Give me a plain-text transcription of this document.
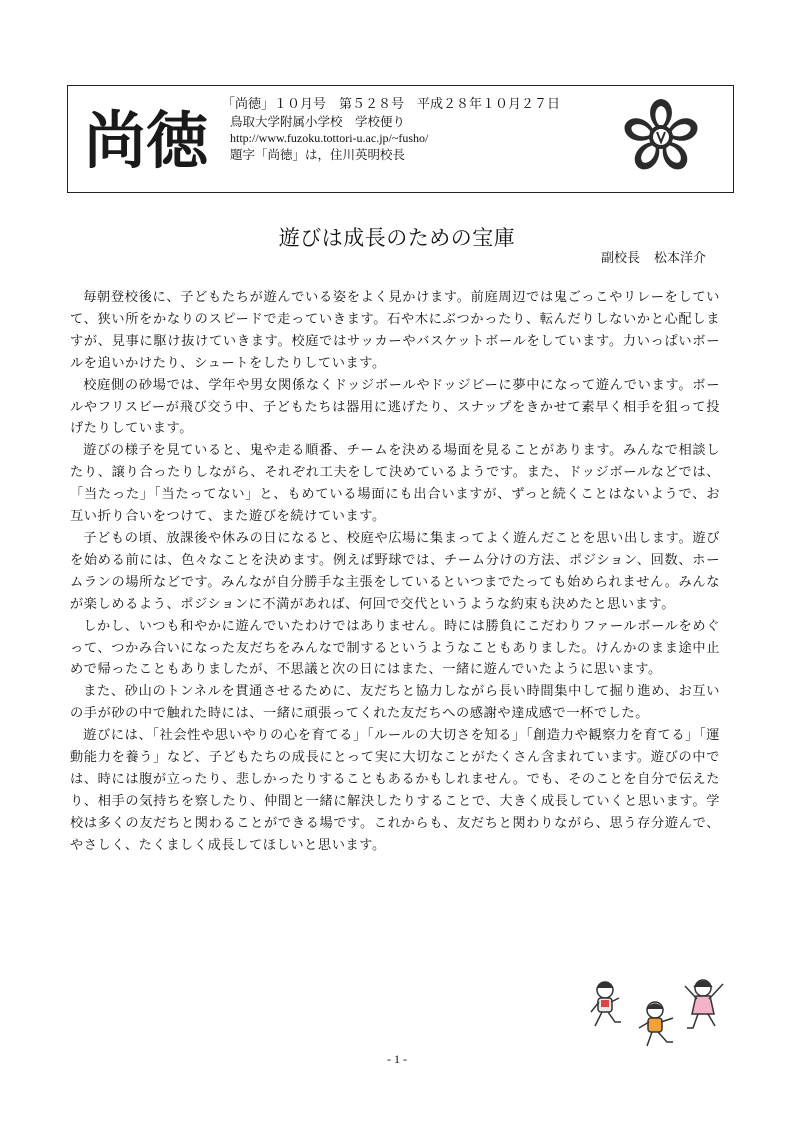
尚徳 「尚徳」１０月号　第５２８号　平成２８年１０月２７日
鳥取大学附属小学校　学校便り
http://www.fuzoku.tottori-u.ac.jp/~fusho/
題字「尚徳」は，住川英明校長
遊びは成長のための宝庫
副校長 松本洋介

毎朝登校後に、子どもたちが遊んでいる姿をよく見かけます。前庭周辺では鬼ごっこやリレーをしていて、狭い所をかなりのスピードで走っていきます。石や木にぶつかったり、転んだりしないかと心配しますが、見事に駆け抜けていきます。校庭ではサッカーやバスケットボールをしています。力いっぱいボールを追いかけたり、シュートをしたりしています。

校庭側の砂場では、学年や男女関係なくドッジボールやドッジビーに夢中になって遊んでいます。ボールやフリスビーが飛び交う中、子どもたちは器用に逃げたり、スナップをきかせて素早く相手を狙って投げたりしています。

遊びの様子を見ていると、鬼や走る順番、チームを決める場面を見ることがあります。みんなで相談したり、譲り合ったりしながら、それぞれ工夫をして決めているようです。また、ドッジボールなどでは、「当たった」「当たってない」と、もめている場面にも出合いますが、ずっと続くことはないようで、お互い折り合いをつけて、また遊びを続けています。

子どもの頃、放課後や休みの日になると、校庭や広場に集まってよく遊んだことを思い出します。遊びを始める前には、色々なことを決めます。例えば野球では、チーム分けの方法、ポジション、回数、ホームランの場所などです。みんなが自分勝手な主張をしているといつまでたっても始められません。みんなが楽しめるよう、ポジションに不満があれば、何回で交代というような約束も決めたと思います。

しかし、いつも和やかに遊んでいたわけではありません。時には勝負にこだわりファールボールをめぐって、つかみ合いになった友だちをみんなで制するというようなこともありました。けんかのまま途中止めで帰ったこともありましたが、不思議と次の日にはまた、一緒に遊んでいたように思います。

また、砂山のトンネルを貫通させるために、友だちと協力しながら長い時間集中して掘り進め、お互いの手が砂の中で触れた時には、一緒に頑張ってくれた友だちへの感謝や達成感で一杯でした。

遊びには、「社会性や思いやりの心を育てる」「ルールの大切さを知る」「創造力や観察力を育てる」「運動能力を養う」など、子どもたちの成長にとって実に大切なことがたくさん含まれています。遊びの中では、時には腹が立ったり、悲しかったりすることもあるかもしれません。でも、そのことを自分で伝えたり、相手の気持ちを察したり、仲間と一緒に解決したりすることで、大きく成長していくと思います。学校は多くの友だちと関わることができる場です。これからも、友だちと関わりながら、思う存分遊んで、やさしく、たくましく成長してほしいと思います。

- 1 -
